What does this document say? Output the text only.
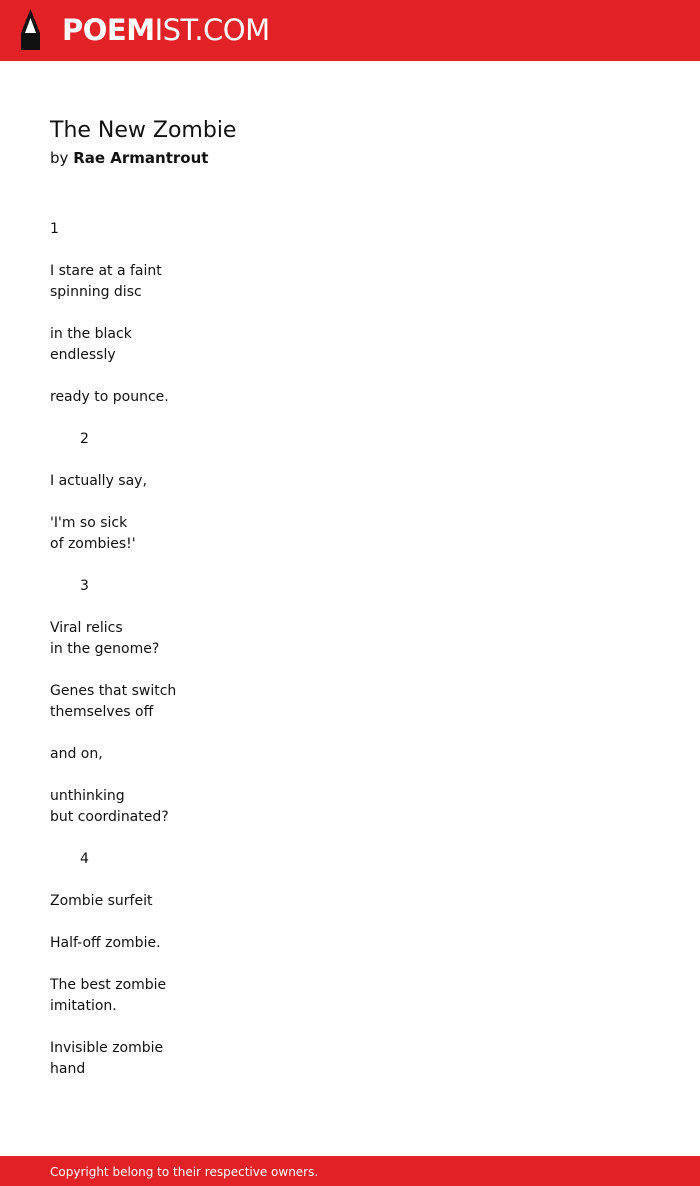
POEMIST.COM
The New Zombie
by Rae Armantrout
1
I stare at a faint
spinning disc
in the black
endlessly
ready to pounce.
2
I actually say,
'I'm so sick
of zombies!'
3
Viral relics
in the genome?
Genes that switch
themselves off
and on,
unthinking
but coordinated?
4
Zombie surfeit
Half-off zombie.
The best zombie
imitation.
Invisible zombie
hand
Copyright belong to their respective owners.
